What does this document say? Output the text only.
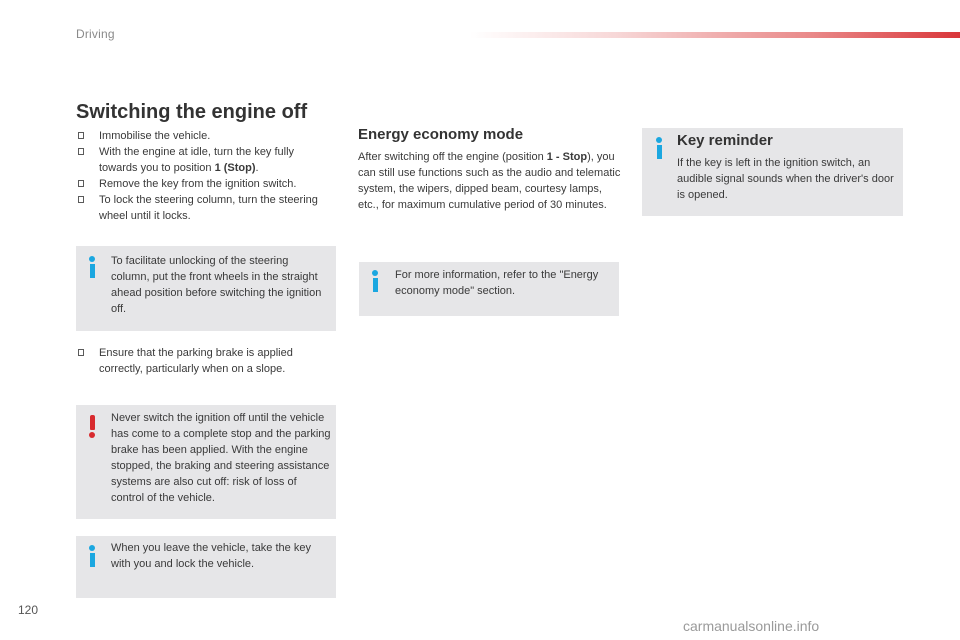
Driving
Switching the engine off
Immobilise the vehicle.
With the engine at idle, turn the key fully towards you to position 1 (Stop).
Remove the key from the ignition switch.
To lock the steering column, turn the steering wheel until it locks.

To facilitate unlocking of the steering column, put the front wheels in the straight ahead position before switching the ignition off.

Ensure that the parking brake is applied correctly, particularly when on a slope.

Never switch the ignition off until the vehicle has come to a complete stop and the parking brake has been applied. With the engine stopped, the braking and steering assistance systems are also cut off: risk of loss of control of the vehicle.

When you leave the vehicle, take the key with you and lock the vehicle.

Energy economy mode

After switching off the engine (position 1 - Stop), you can still use functions such as the audio and telematic system, the wipers, dipped beam, courtesy lamps, etc., for maximum cumulative period of 30 minutes.

For more information, refer to the "Energy economy mode" section.

Key reminder

If the key is left in the ignition switch, an audible signal sounds when the driver's door is opened.

120
carmanualsonline.info
